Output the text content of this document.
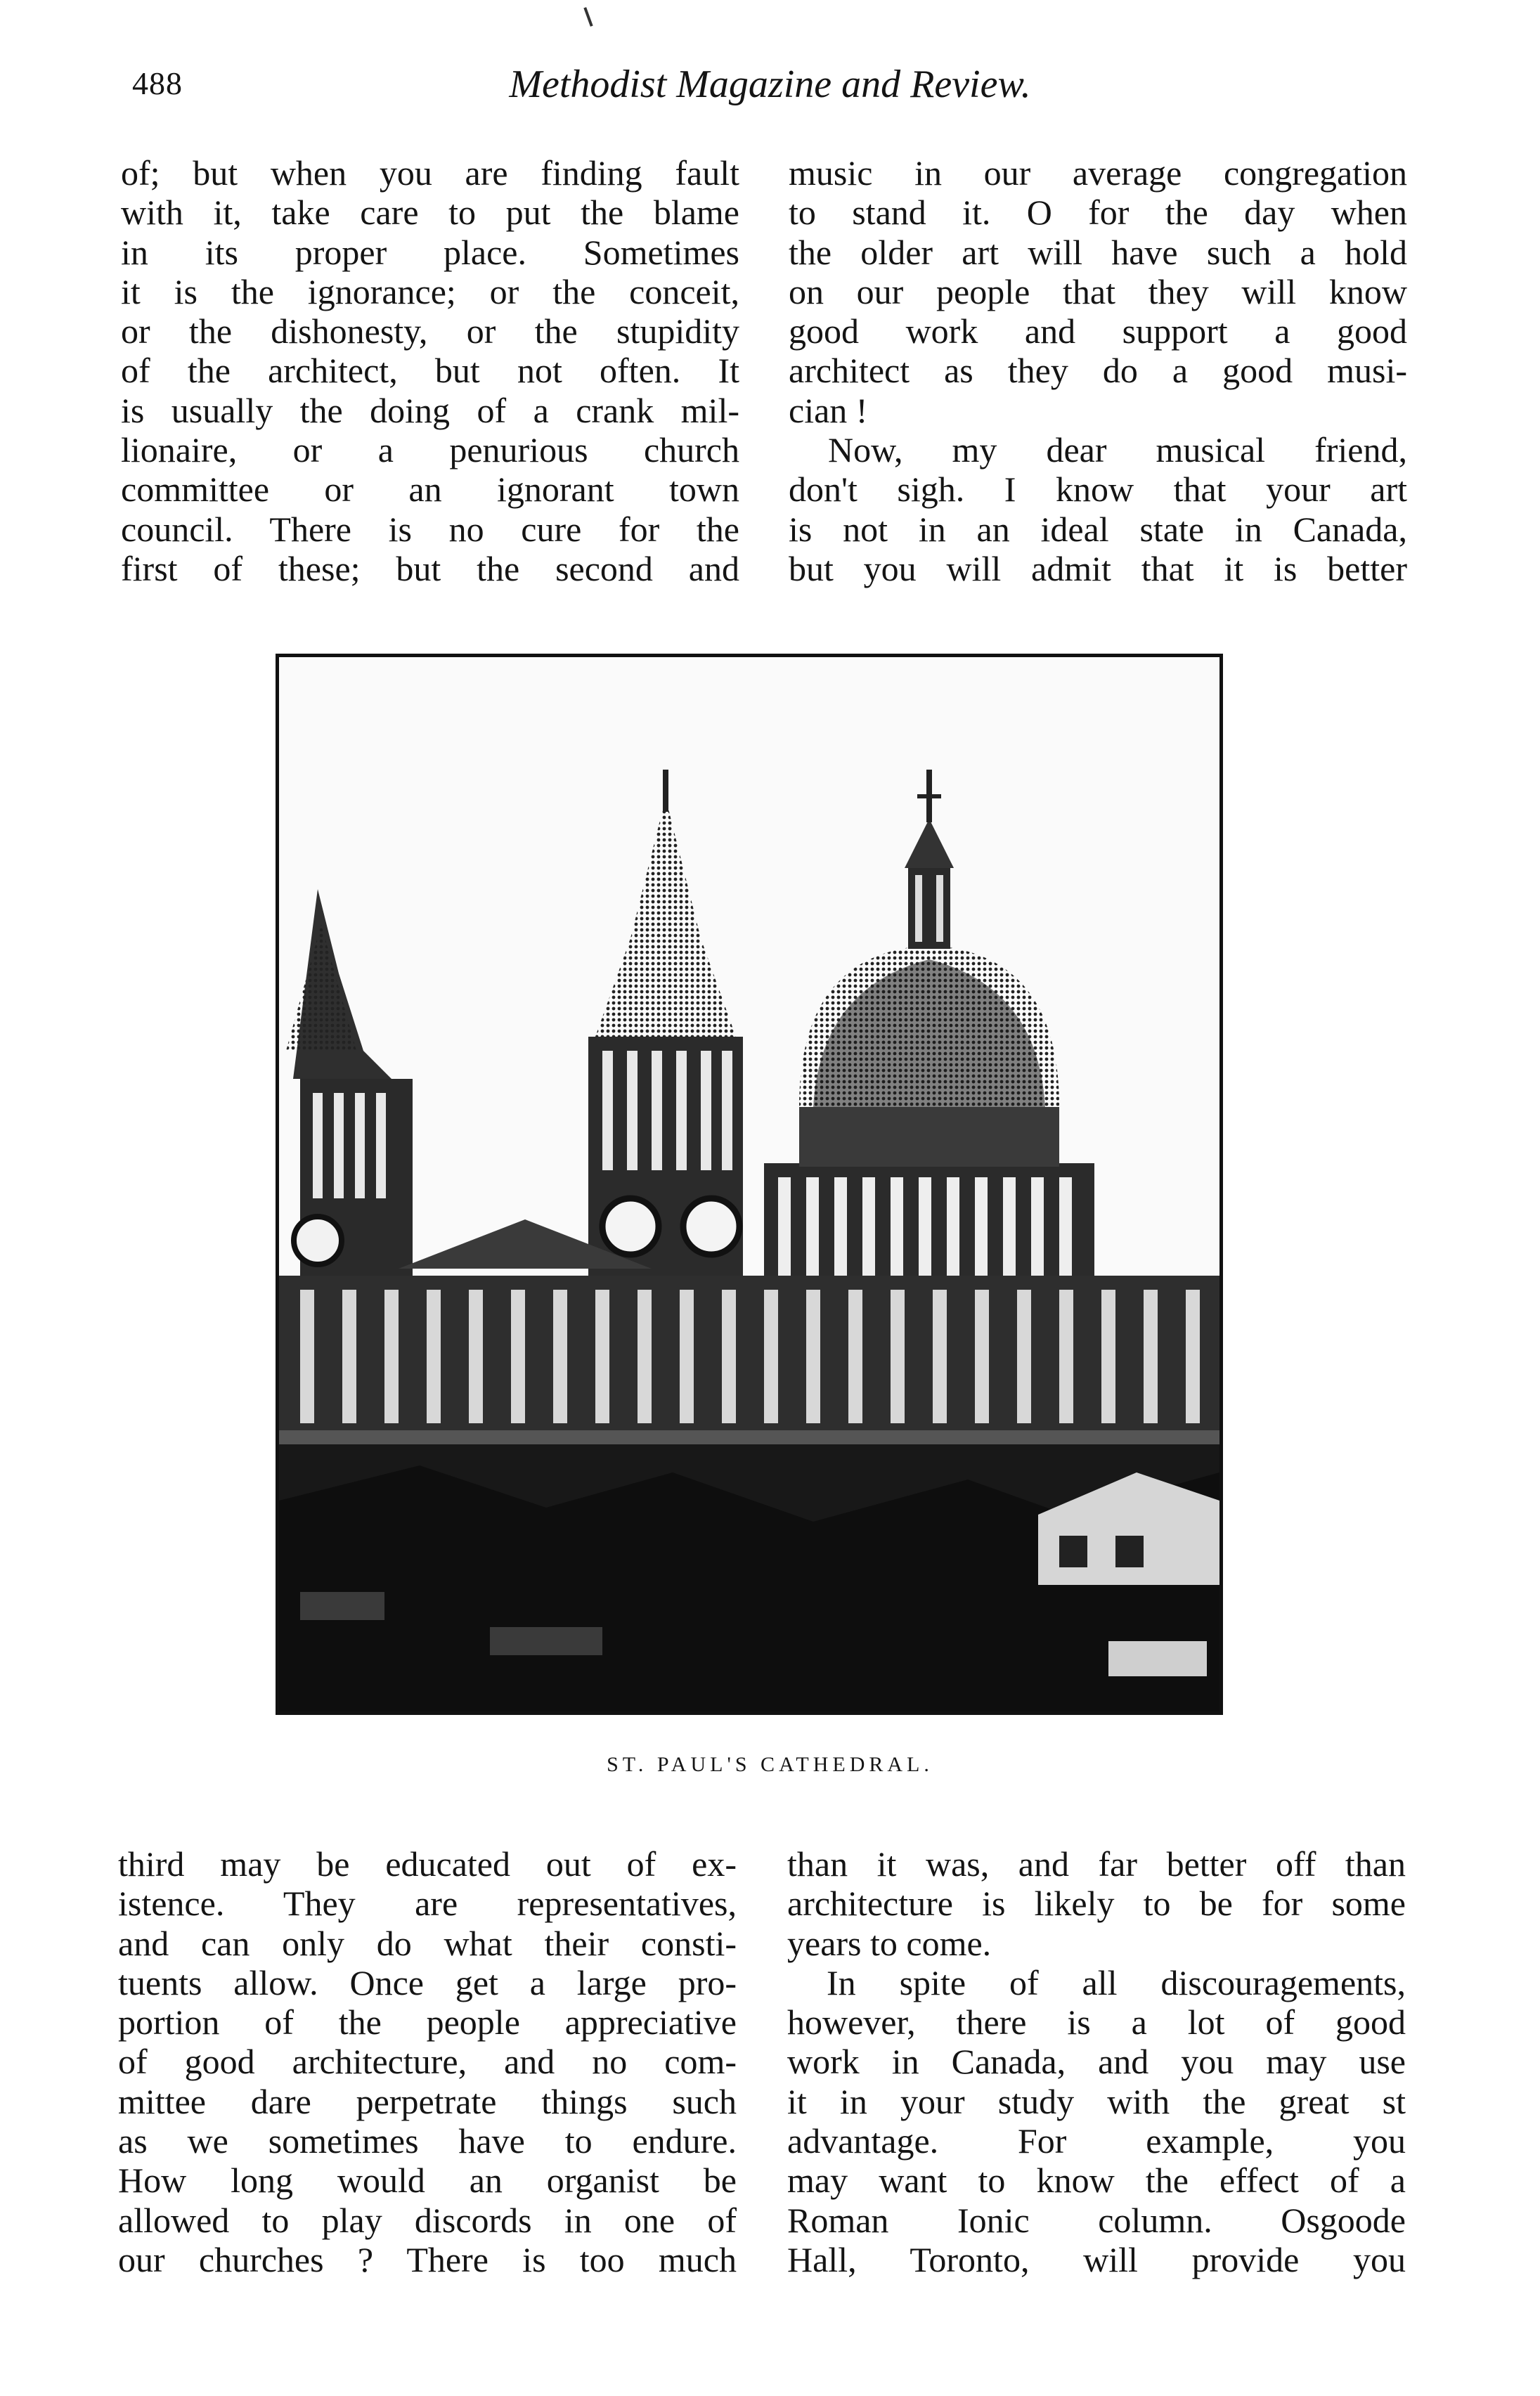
488	Methodist Magazine and Review.
of; but when you are finding fault
with it, take care to put the blame
in its proper place. Sometimes
it is the ignorance; or the conceit,
or the dishonesty, or the stupidity
of the architect, but not often. It
is usually the doing of a crank mil-
lionaire, or a penurious church
committee or an ignorant town
council. There is no cure for the
first of these; but the second and
music in our average congregation
to stand it. O for the day when
the older art will have such a hold
on our people that they will know
good work and support a good
architect as they do a good musi-
cian !
Now, my dear musical friend,
don't sigh. I know that your art
is not in an ideal state in Canada,
but you will admit that it is better
ST. PAUL'S CATHEDRAL.
third may be educated out of ex-
istence. They are representatives,
and can only do what their consti-
tuents allow. Once get a large pro-
portion of the people appreciative
of good architecture, and no com-
mittee dare perpetrate things such
as we sometimes have to endure.
How long would an organist be
allowed to play discords in one of
our churches ? There is too much
than it was, and far better off than
architecture is likely to be for some
years to come.
In spite of all discouragements,
however, there is a lot of good
work in Canada, and you may use
it in your study with the great st
advantage. For example, you
may want to know the effect of a
Roman Ionic column. Osgoode
Hall, Toronto, will provide you
